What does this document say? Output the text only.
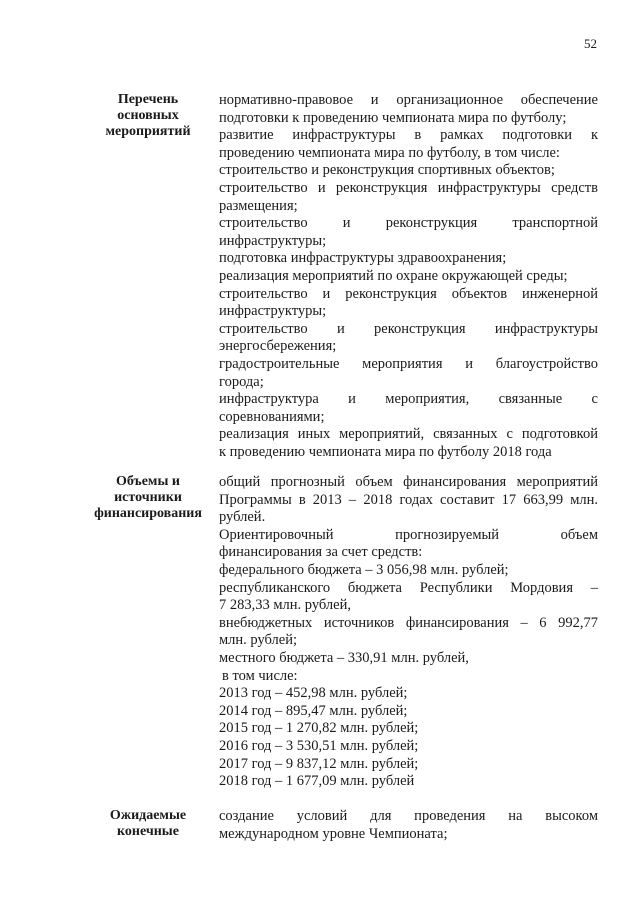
52
Перечень
основных
мероприятий
нормативно-правовое и организационное обеспечение
подготовки к проведению чемпионата мира по футболу;
развитие инфраструктуры в рамках подготовки к
проведению чемпионата мира по футболу, в том числе:
строительство и реконструкция спортивных объектов;
строительство и реконструкция инфраструктуры средств
размещения;
строительство и реконструкция транспортной
инфраструктуры;
подготовка инфраструктуры здравоохранения;
реализация мероприятий по охране окружающей среды;
строительство и реконструкция объектов инженерной
инфраструктуры;
строительство и реконструкция инфраструктуры
энергосбережения;
градостроительные мероприятия и благоустройство
города;
инфраструктура и мероприятия, связанные с
соревнованиями;
реализация иных мероприятий, связанных с подготовкой
к проведению чемпионата мира по футболу 2018 года
Объемы и
источники
финансирования
общий прогнозный объем финансирования мероприятий
Программы в 2013 – 2018 годах составит 17 663,99 млн.
рублей.
Ориентировочный прогнозируемый объем
финансирования за счет средств:
федерального бюджета – 3 056,98 млн. рублей;
республиканского бюджета Республики Мордовия –
7 283,33 млн. рублей,
внебюджетных источников финансирования – 6 992,77
млн. рублей;
местного бюджета – 330,91 млн. рублей,
в том числе:
2013 год – 452,98 млн. рублей;
2014 год – 895,47 млн. рублей;
2015 год – 1 270,82 млн. рублей;
2016 год – 3 530,51 млн. рублей;
2017 год – 9 837,12 млн. рублей;
2018 год – 1 677,09 млн. рублей
Ожидаемые
конечные
создание условий для проведения на высоком
международном уровне Чемпионата;
